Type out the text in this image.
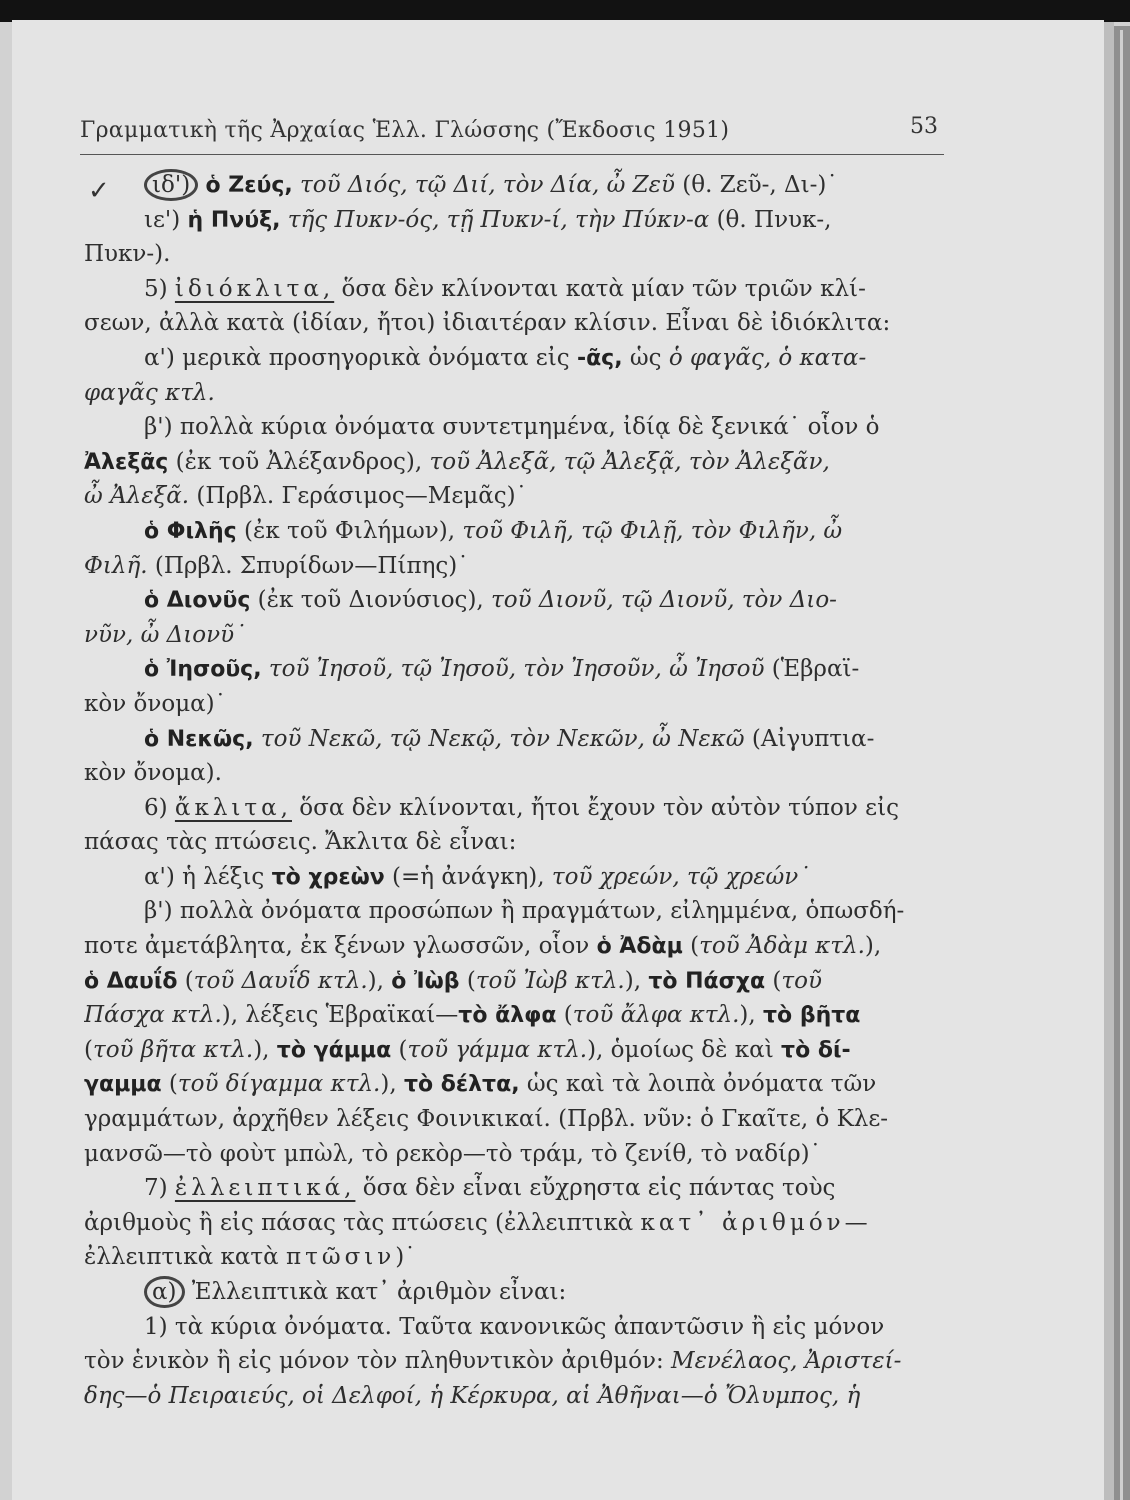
Γραμματικὴ τῆς Ἀρχαίας Ἑλλ. Γλώσσης (Ἔκδοσις 1951)	53
✓	ιδ') ὁ Ζεύς, τοῦ Διός, τῷ Διί, τὸν Δία, ὦ Ζεῦ (θ. Ζεῦ-, Δι-)˙
ιε') ἡ Πνύξ, τῆς Πυκν-ός, τῇ Πυκν-ί, τὴν Πύκν-α (θ. Πνυκ-,
Πυκν-).
5) ἰδιόκλιτα, ὅσα δὲν κλίνονται κατὰ μίαν τῶν τριῶν κλί-
σεων, ἀλλὰ κατὰ (ἰδίαν, ἤτοι) ἰδιαιτέραν κλίσιν. Εἶναι δὲ ἰδιόκλιτα:
α') μερικὰ προσηγορικὰ ὀνόματα εἰς -ᾶς, ὡς ὁ φαγᾶς, ὁ κατα-
φαγᾶς κτλ.
β') πολλὰ κύρια ὀνόματα συντετμημένα, ἰδίᾳ δὲ ξενικά˙ οἷον ὁ
Ἀλεξᾶς (ἐκ τοῦ Ἀλέξανδρος), τοῦ Ἀλεξᾶ, τῷ Ἀλεξᾷ, τὸν Ἀλεξᾶν,
ὦ Ἀλεξᾶ. (Πρβλ. Γεράσιμος—Μεμᾶς)˙
ὁ Φιλῆς (ἐκ τοῦ Φιλήμων), τοῦ Φιλῆ, τῷ Φιλῇ, τὸν Φιλῆν, ὦ
Φιλῆ. (Πρβλ. Σπυρίδων—Πίπης)˙
ὁ Διονῦς (ἐκ τοῦ Διονύσιος), τοῦ Διονῦ, τῷ Διονῦ, τὸν Διο-
νῦν, ὦ Διονῦ˙
ὁ Ἰησοῦς, τοῦ Ἰησοῦ, τῷ Ἰησοῦ, τὸν Ἰησοῦν, ὦ Ἰησοῦ (Ἑβραϊ-
κὸν ὄνομα)˙
ὁ Νεκῶς, τοῦ Νεκῶ, τῷ Νεκῷ, τὸν Νεκῶν, ὦ Νεκῶ (Αἰγυπτια-
κὸν ὄνομα).
6) ἄκλιτα, ὅσα δὲν κλίνονται, ἤτοι ἔχουν τὸν αὐτὸν τύπον εἰς
πάσας τὰς πτώσεις. Ἄκλιτα δὲ εἶναι:
α') ἡ λέξις τὸ χρεὼν (=ἡ ἀνάγκη), τοῦ χρεών, τῷ χρεών˙
β') πολλὰ ὀνόματα προσώπων ἢ πραγμάτων, εἰλημμένα, ὁπωσδή-
ποτε ἀμετάβλητα, ἐκ ξένων γλωσσῶν, οἷον ὁ Ἀδὰμ (τοῦ Ἀδὰμ κτλ.),
ὁ Δαυΐδ (τοῦ Δαυΐδ κτλ.), ὁ Ἰὼβ (τοῦ Ἰὼβ κτλ.), τὸ Πάσχα (τοῦ
Πάσχα κτλ.), λέξεις Ἑβραϊκαί—τὸ ἄλφα (τοῦ ἄλφα κτλ.), τὸ βῆτα
(τοῦ βῆτα κτλ.), τὸ γάμμα (τοῦ γάμμα κτλ.), ὁμοίως δὲ καὶ τὸ δί-
γαμμα (τοῦ δίγαμμα κτλ.), τὸ δέλτα, ὡς καὶ τὰ λοιπὰ ὀνόματα τῶν
γραμμάτων, ἀρχῆθεν λέξεις Φοινικικαί. (Πρβλ. νῦν: ὁ Γκαῖτε, ὁ Κλε-
μανσῶ—τὸ φοὺτ μπὼλ, τὸ ρεκὸρ—τὸ τράμ, τὸ ζενίθ, τὸ ναδίρ)˙
7) ἐλλειπτικά, ὅσα δὲν εἶναι εὔχρηστα εἰς πάντας τοὺς
ἀριθμοὺς ἢ εἰς πάσας τὰς πτώσεις (ἐλλειπτικὰ κατ᾽ ἀριθμόν—
ἐλλειπτικὰ κατὰ πτῶσιν)˙
α) Ἐλλειπτικὰ κατ᾽ ἀριθμὸν εἶναι:
1) τὰ κύρια ὀνόματα. Ταῦτα κανονικῶς ἀπαντῶσιν ἢ εἰς μόνον
τὸν ἑνικὸν ἢ εἰς μόνον τὸν πληθυντικὸν ἀριθμόν: Μενέλαος, Ἀριστεί-
δης—ὁ Πειραιεύς, οἱ Δελφοί, ἡ Κέρκυρα, αἱ Ἀθῆναι—ὁ Ὄλυμπος, ἡ
